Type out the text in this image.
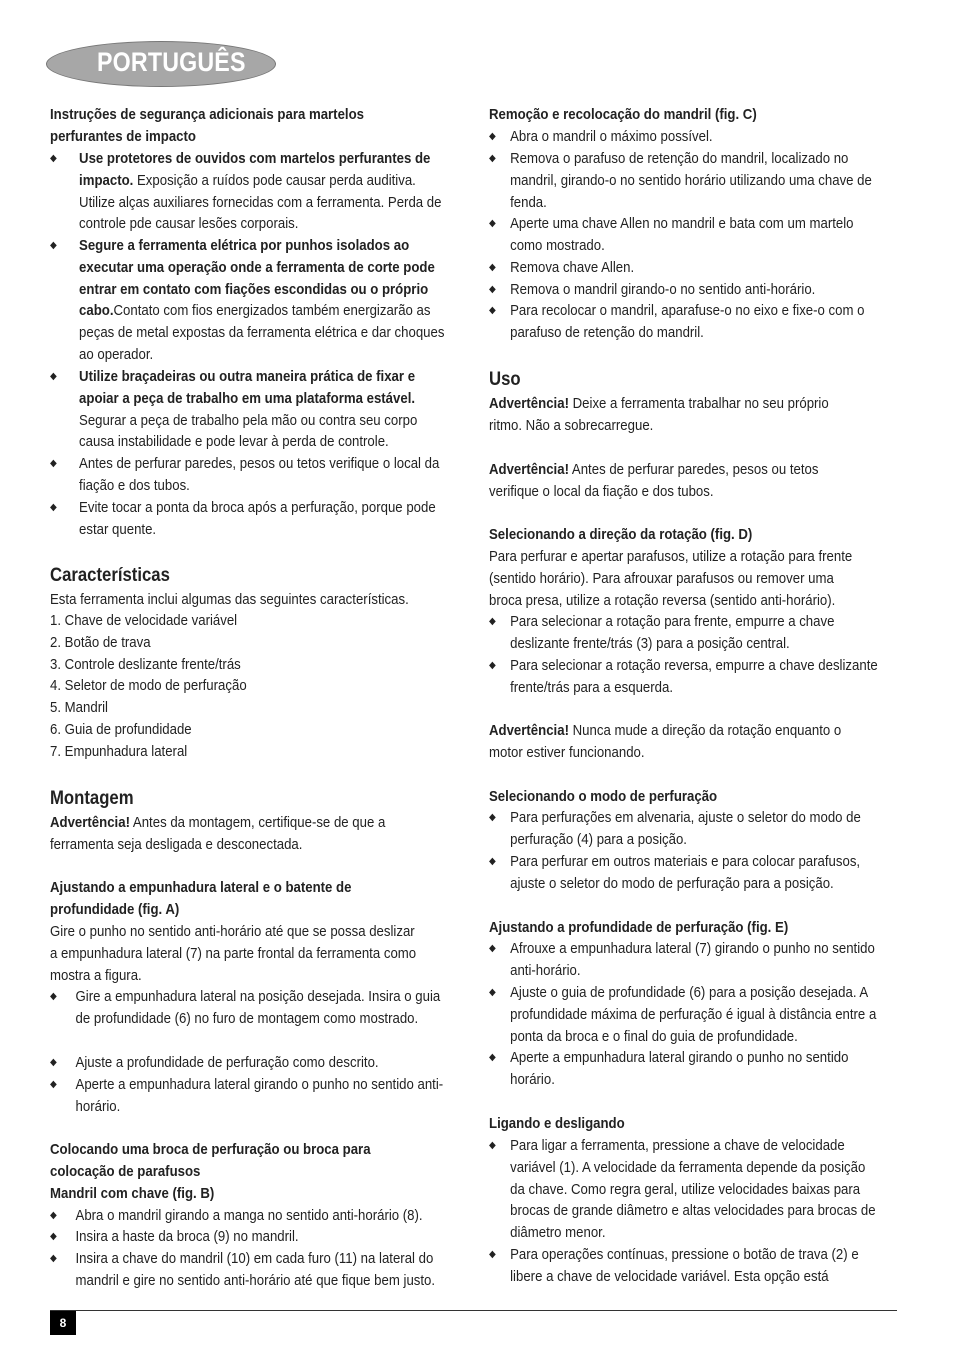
PORTUGUÊS
Instruções de segurança adicionais para martelos perfurantes de impacto
◆ Use protetores de ouvidos com martelos perfurantes de impacto. Exposição a ruídos pode causar perda auditiva. Utilize alças auxiliares fornecidas com a ferramenta. Perda de controle pde causar lesões corporais.
◆ Segure a ferramenta elétrica por punhos isolados ao executar uma operação onde a ferramenta de corte pode entrar em contato com fiações escondidas ou o próprio cabo.Contato com fios energizados também energizarão as peças de metal expostas da ferramenta elétrica e dar choques ao operador.
◆ Utilize braçadeiras ou outra maneira prática de fixar e apoiar a peça de trabalho em uma plataforma estável. Segurar a peça de trabalho pela mão ou contra seu corpo causa instabilidade e pode levar à perda de controle.
◆ Antes de perfurar paredes, pesos ou tetos verifique o local da fiação e dos tubos.
◆ Evite tocar a ponta da broca após a perfuração, porque pode estar quente.
Características
Esta ferramenta inclui algumas das seguintes características.
1. Chave de velocidade variável
2. Botão de trava
3. Controle deslizante frente/trás
4. Seletor de modo de perfuração
5. Mandril
6. Guia de profundidade
7. Empunhadura lateral
Montagem
Advertência! Antes da montagem, certifique-se de que a ferramenta seja desligada e desconectada.
Ajustando a empunhadura lateral e o batente de profundidade (fig. A)
Gire o punho no sentido anti-horário até que se possa deslizar a empunhadura lateral (7) na parte frontal da ferramenta como mostra a figura.
◆ Gire a empunhadura lateral na posição desejada. Insira o guia de profundidade (6) no furo de montagem como mostrado.
◆ Ajuste a profundidade de perfuração como descrito.
◆ Aperte a empunhadura lateral girando o punho no sentido anti-horário.
Colocando uma broca de perfuração ou broca para colocação de parafusos
Mandril com chave (fig. B)
◆ Abra o mandril girando a manga no sentido anti-horário (8).
◆ Insira a haste da broca (9) no mandril.
◆ Insira a chave do mandril (10) em cada furo (11) na lateral do mandril e gire no sentido anti-horário até que fique bem justo.
Remoção e recolocação do mandril (fig. C)
◆ Abra o mandril o máximo possível.
◆ Remova o parafuso de retenção do mandril, localizado no mandril, girando-o no sentido horário utilizando uma chave de fenda.
◆ Aperte uma chave Allen no mandril e bata com um martelo como mostrado.
◆ Remova chave Allen.
◆ Remova o mandril girando-o no sentido anti-horário.
◆ Para recolocar o mandril, aparafuse-o no eixo e fixe-o com o parafuso de retenção do mandril.
Uso
Advertência! Deixe a ferramenta trabalhar no seu próprio ritmo. Não a sobrecarregue.
Advertência! Antes de perfurar paredes, pesos ou tetos verifique o local da fiação e dos tubos.
Selecionando a direção da rotação (fig. D)
Para perfurar e apertar parafusos, utilize a rotação para frente (sentido horário). Para afrouxar parafusos ou remover uma broca presa, utilize a rotação reversa (sentido anti-horário).
◆ Para selecionar a rotação para frente, empurre a chave deslizante frente/trás (3) para a posição central.
◆ Para selecionar a rotação reversa, empurre a chave deslizante frente/trás para a esquerda.
Advertência! Nunca mude a direção da rotação enquanto o motor estiver funcionando.
Selecionando o modo de perfuração
◆ Para perfurações em alvenaria, ajuste o seletor do modo de perfuração (4) para a posição.
◆ Para perfurar em outros materiais e para colocar parafusos, ajuste o seletor do modo de perfuração para a posição.
Ajustando a profundidade de perfuração (fig. E)
◆ Afrouxe a empunhadura lateral (7) girando o punho no sentido anti-horário.
◆ Ajuste o guia de profundidade (6) para a posição desejada. A profundidade máxima de perfuração é igual à distância entre a ponta da broca e o final do guia de profundidade.
◆ Aperte a empunhadura lateral girando o punho no sentido horário.
Ligando e desligando
◆ Para ligar a ferramenta, pressione a chave de velocidade variável (1). A velocidade da ferramenta depende da posição da chave. Como regra geral, utilize velocidades baixas para brocas de grande diâmetro e altas velocidades para brocas de diâmetro menor.
◆ Para operações contínuas, pressione o botão de trava (2) e libere a chave de velocidade variável. Esta opção está
8
